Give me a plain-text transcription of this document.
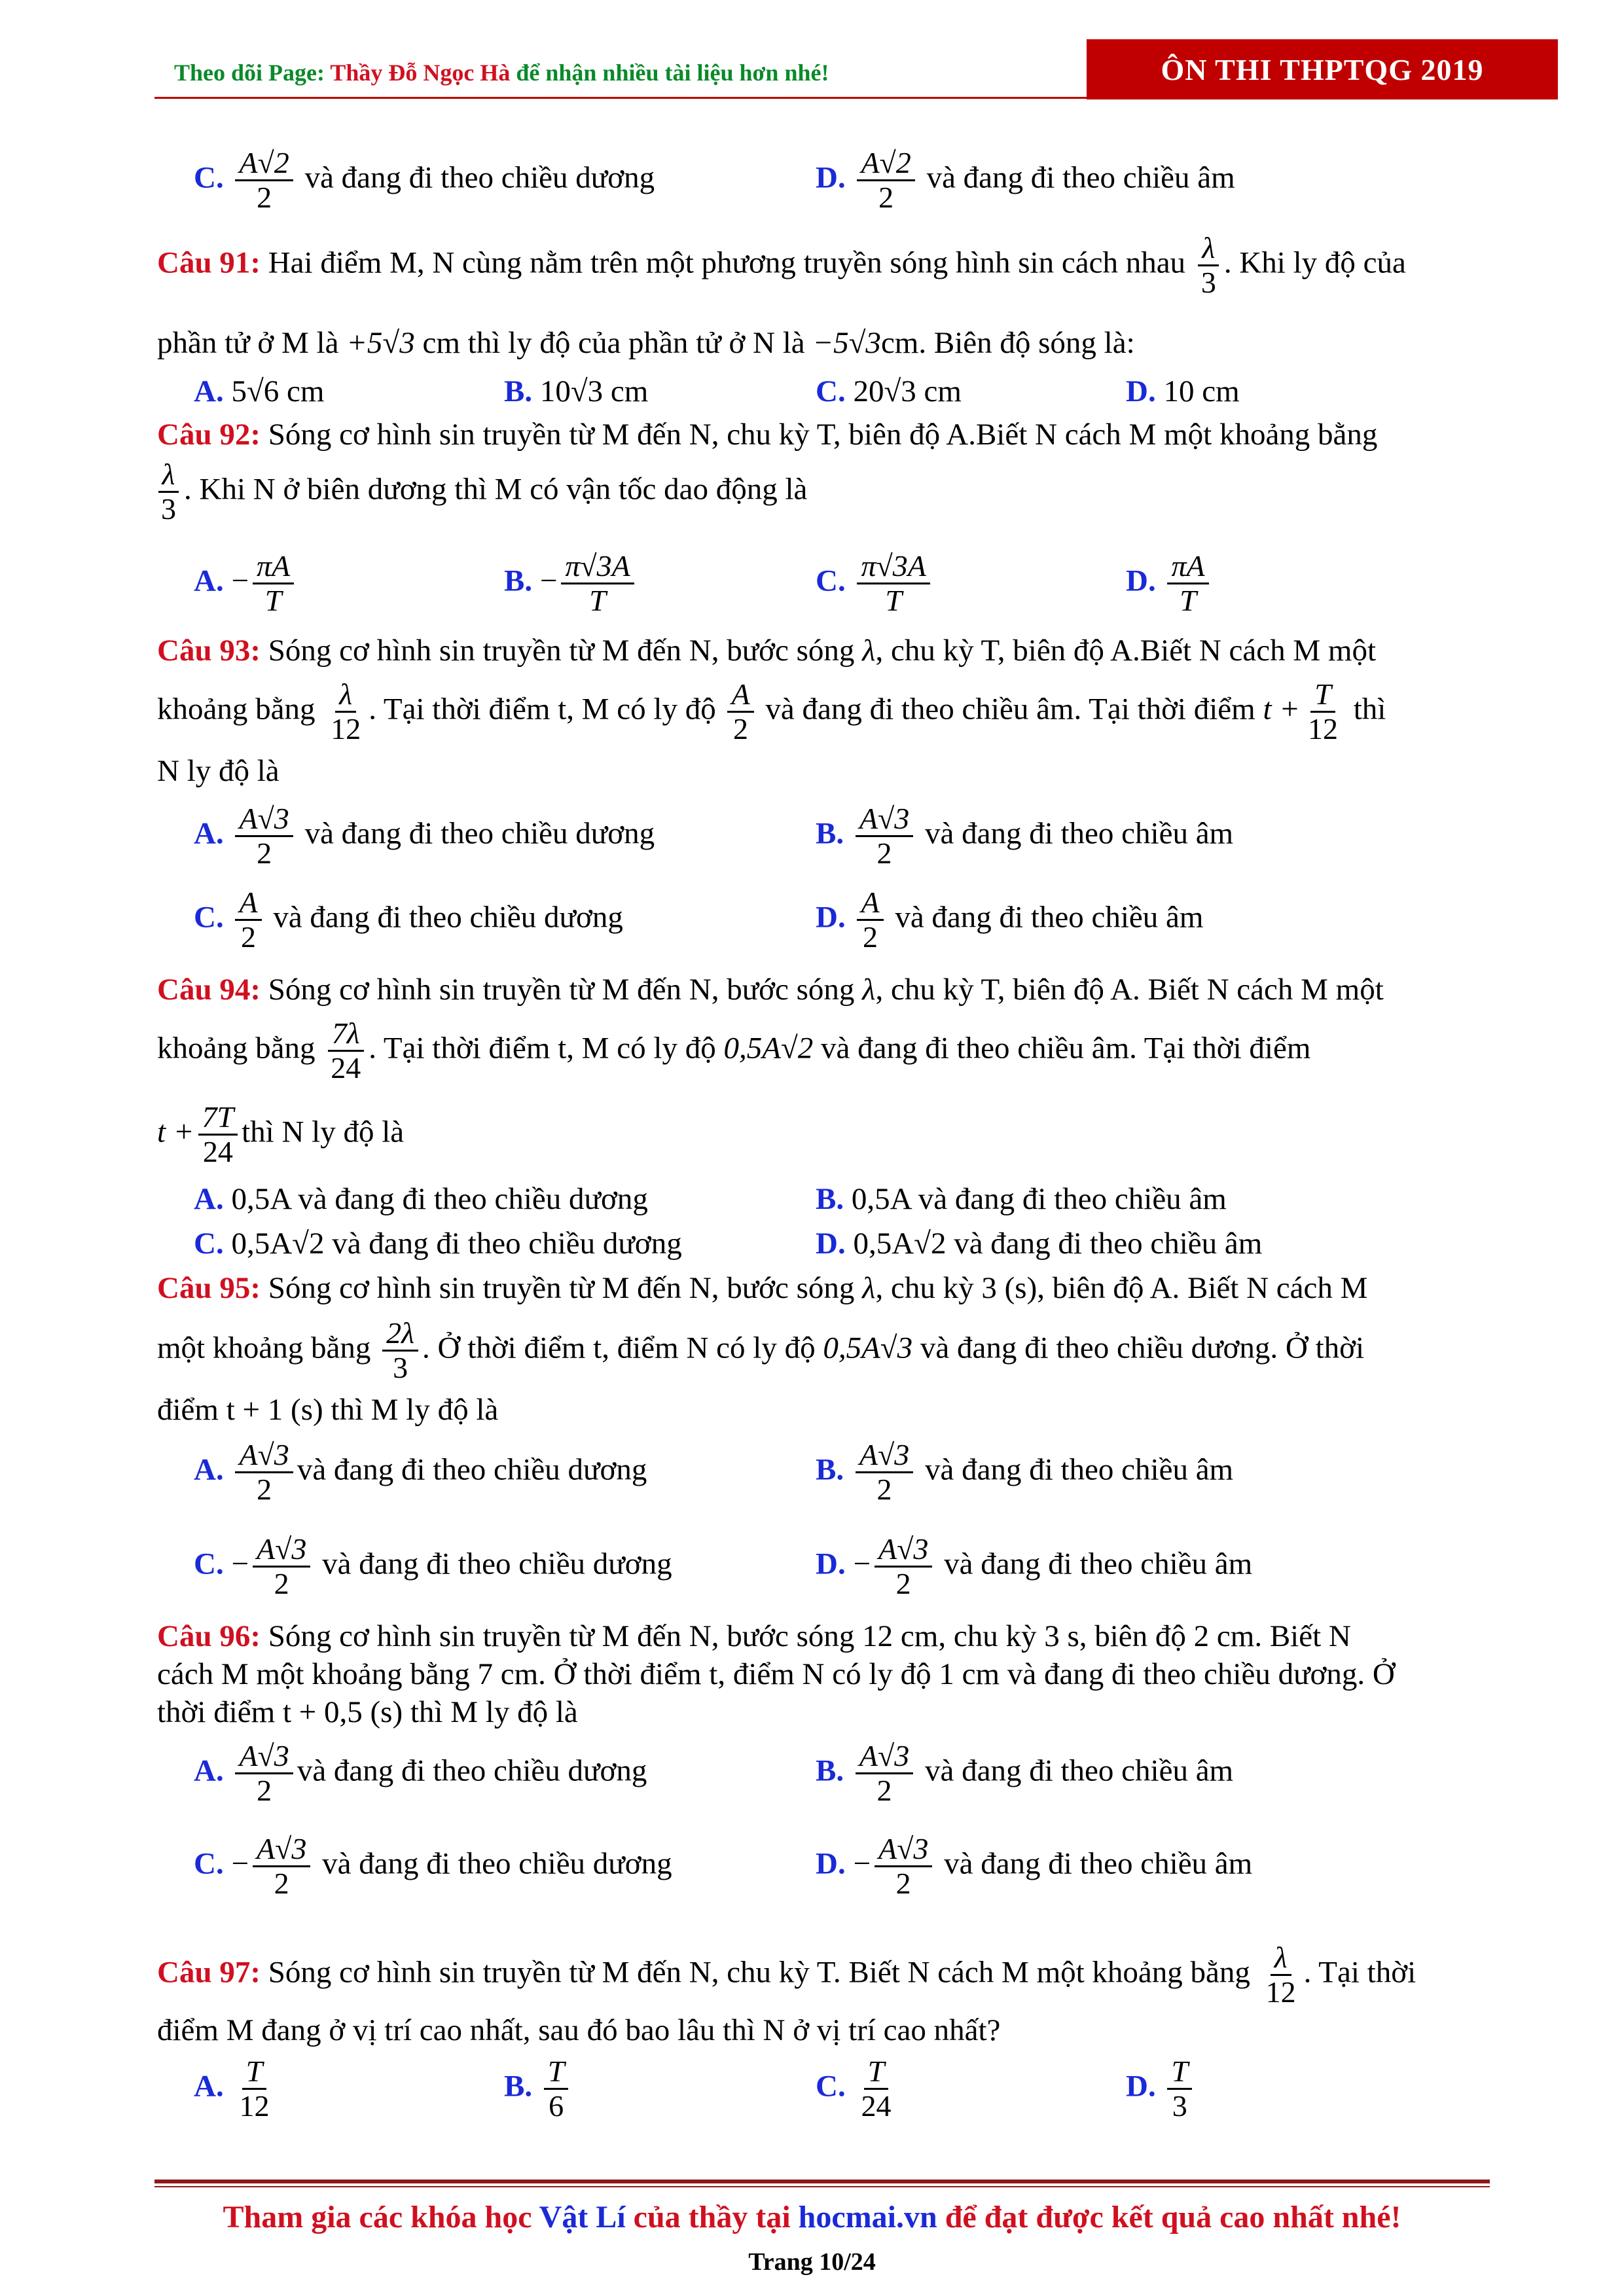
Theo dõi Page: Thầy Đỗ Ngọc Hà để nhận nhiều tài liệu hơn nhé!	ÔN THI THPTQG 2019
C. $\frac{A√2}{2}$ và đang đi theo chiều dương	D. $\frac{A√2}{2}$ và đang đi theo chiều âm
Câu 91: Hai điểm M, N cùng nằm trên một phương truyền sóng hình sin cách nhau $\frac{\lambda}{3}$ . Khi ly độ của
phần tử ở M là +5√3 cm thì ly độ của phần tử ở N là −5√3cm. Biên độ sóng là:
A. 5√6 cm	B. 10√3 cm	C. 20√3 cm	D. 10 cm
Câu 92: Sóng cơ hình sin truyền từ M đến N, chu kỳ T, biên độ A.Biết N cách M một khoảng bằng
$\frac{\lambda}{3}$ . Khi N ở biên dương thì M có vận tốc dao động là
A. − $\frac{\pi A}{T}$	B. − $\frac{\pi√3A}{T}$	C. $\frac{\pi√3A}{T}$	D. $\frac{\pi A}{T}$
Câu 93: Sóng cơ hình sin truyền từ M đến N, bước sóng λ, chu kỳ T, biên độ A.Biết N cách M một
khoảng bằng $\frac{\lambda}{12}$ . Tại thời điểm t, M có ly độ $\frac{A}{2}$ và đang đi theo chiều âm. Tại thời điểm $t + \frac{T}{12}$ thì
N ly độ là
A. $\frac{A√3}{2}$ và đang đi theo chiều dương	B. $\frac{A√3}{2}$ và đang đi theo chiều âm
C. $\frac{A}{2}$ và đang đi theo chiều dương	D. $\frac{A}{2}$ và đang đi theo chiều âm
Câu 94: Sóng cơ hình sin truyền từ M đến N, bước sóng λ, chu kỳ T, biên độ A. Biết N cách M một
khoảng bằng $\frac{7\lambda}{24}$ . Tại thời điểm t, M có ly độ 0,5A√2 và đang đi theo chiều âm. Tại thời điểm
$t + \frac{7T}{24}$ thì N ly độ là
A. 0,5A và đang đi theo chiều dương	B. 0,5A và đang đi theo chiều âm
C. 0,5A√2 và đang đi theo chiều dương	D. 0,5A√2 và đang đi theo chiều âm
Câu 95: Sóng cơ hình sin truyền từ M đến N, bước sóng λ, chu kỳ 3 (s), biên độ A. Biết N cách M
một khoảng bằng $\frac{2\lambda}{3}$ . Ở thời điểm t, điểm N có ly độ 0,5A√3 và đang đi theo chiều dương. Ở thời
điểm t + 1 (s) thì M ly độ là
A. $\frac{A√3}{2}$ và đang đi theo chiều dương	B. $\frac{A√3}{2}$ và đang đi theo chiều âm
C. − $\frac{A√3}{2}$ và đang đi theo chiều dương	D. − $\frac{A√3}{2}$ và đang đi theo chiều âm
Câu 96: Sóng cơ hình sin truyền từ M đến N, bước sóng 12 cm, chu kỳ 3 s, biên độ 2 cm. Biết N
cách M một khoảng bằng 7 cm. Ở thời điểm t, điểm N có ly độ 1 cm và đang đi theo chiều dương. Ở
thời điểm t + 0,5 (s) thì M ly độ là
A. $\frac{A√3}{2}$ và đang đi theo chiều dương	B. $\frac{A√3}{2}$ và đang đi theo chiều âm
C. − $\frac{A√3}{2}$ và đang đi theo chiều dương	D. − $\frac{A√3}{2}$ và đang đi theo chiều âm
Câu 97: Sóng cơ hình sin truyền từ M đến N, chu kỳ T. Biết N cách M một khoảng bằng $\frac{\lambda}{12}$ . Tại thời
điểm M đang ở vị trí cao nhất, sau đó bao lâu thì N ở vị trí cao nhất?
A. $\frac{T}{12}$	B. $\frac{T}{6}$	C. $\frac{T}{24}$	D. $\frac{T}{3}$
Tham gia các khóa học Vật Lí của thầy tại hocmai.vn để đạt được kết quả cao nhất nhé!
Trang 10/24
